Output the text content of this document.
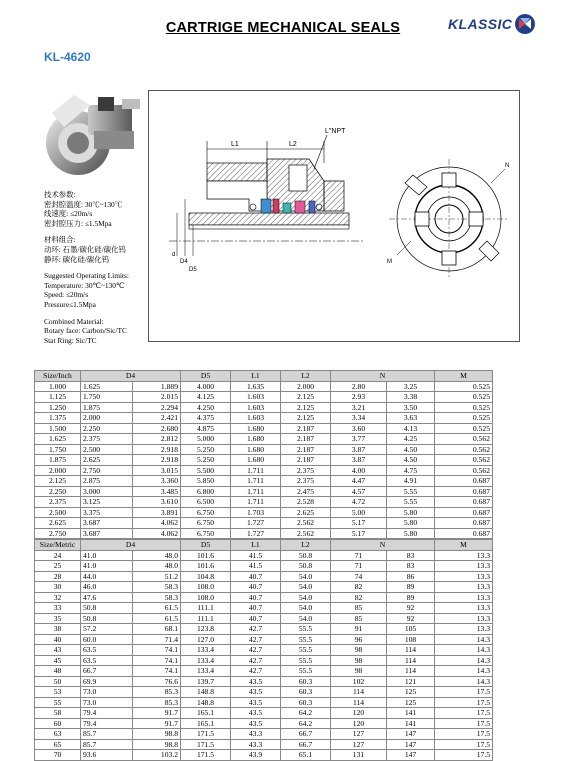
CARTRIGE MECHANICAL SEALS	KLASSIC
KL-4620
L1	L2
L"NPT
d
D4
D5
M
N
技术参数:
密封腔温度: 30℃~130℃
线速度: ≤20m/s
密封腔压力: ≤1.5Mpa
材料组合:
动环: 石墨/碳化硅/碳化钨
静环: 碳化硅/碳化钨
Suggested Operating Limits:
Temperature: 30℃~130℃
Speed: ≤20m/s
Pressure≤1.5Mpa
Combined Material:
Rotary face: Carbon/Sic/TC
Stat Ring: Sic/TC
Size/Inch	D4		D5	L1	L2	N		M
1.000	1.625	1.889	4.000	1.635	2.000	2.80	3.25	0.525
1.125	1.750	2.015	4.125	1.603	2.125	2.93	3.38	0.525
1.250	1.875	2.294	4.250	1.603	2.125	3.21	3.50	0.525
1.375	2.000	2.421	4.375	1.603	2.125	3.34	3.63	0.525
1.500	2.250	2.680	4.875	1.680	2.187	3.60	4.13	0.525
1.625	2.375	2.812	5.000	1.680	2.187	3.77	4.25	0.562
1.750	2.500	2.918	5.250	1.680	2.187	3.87	4.50	0.562
1.875	2.625	2.918	5.250	1.680	2.187	3.87	4.50	0.562
2.000	2.750	3.015	5.500	1.711	2.375	4.00	4.75	0.562
2.125	2.875	3.360	5.850	1.711	2.375	4.47	4.91	0.687
2.250	3.000	3.485	6.800	1.711	2.475	4.57	5.55	0.687
2.375	3.125	3.610	6.500	1.711	2.528	4.72	5.55	0.687
2.500	3.375	3.891	6.750	1.703	2.625	5.00	5.80	0.687
2.625	3.687	4.062	6.750	1.727	2.562	5.17	5.80	0.687
2.750	3.687	4.062	6.750	1.727	2.562	5.17	5.80	0.687
Size/Metric	D4		D5	L1	L2	N		M
24	41.0	48.0	101.6	41.5	50.8	71	83	13.3
25	41.0	48.0	101.6	41.5	50.8	71	83	13.3
28	44.0	51.2	104.8	40.7	54.0	74	86	13.3
30	46.0	58.3	108.0	40.7	54.0	82	89	13.3
32	47.6	58.3	108.0	40.7	54.0	82	89	13.3
33	50.8	61.5	111.1	40.7	54.0	85	92	13.3
35	50.8	61.5	111.1	40.7	54.0	85	92	13.3
38	57.2	68.1	123.8	42.7	55.5	91	105	13.3
40	60.0	71.4	127.0	42.7	55.5	96	108	14.3
43	63.5	74.1	133.4	42.7	55.5	98	114	14.3
45	63.5	74.1	133.4	42.7	55.5	98	114	14.3
48	66.7	74.1	133.4	42.7	55.5	98	114	14.3
50	69.9	76.6	139.7	43.5	60.3	102	121	14.3
53	73.0	85.3	148.8	43.5	60.3	114	125	17.5
55	73.0	85.3	148.8	43.5	60.3	114	125	17.5
58	79.4	91.7	165.1	43.5	64.2	120	141	17.5
60	79.4	91.7	165.1	43.5	64.2	120	141	17.5
63	85.7	98.8	171.5	43.3	66.7	127	147	17.5
65	85.7	98.8	171.5	43.3	66.7	127	147	17.5
70	93.6	103.2	171.5	43.9	65.1	131	147	17.5
